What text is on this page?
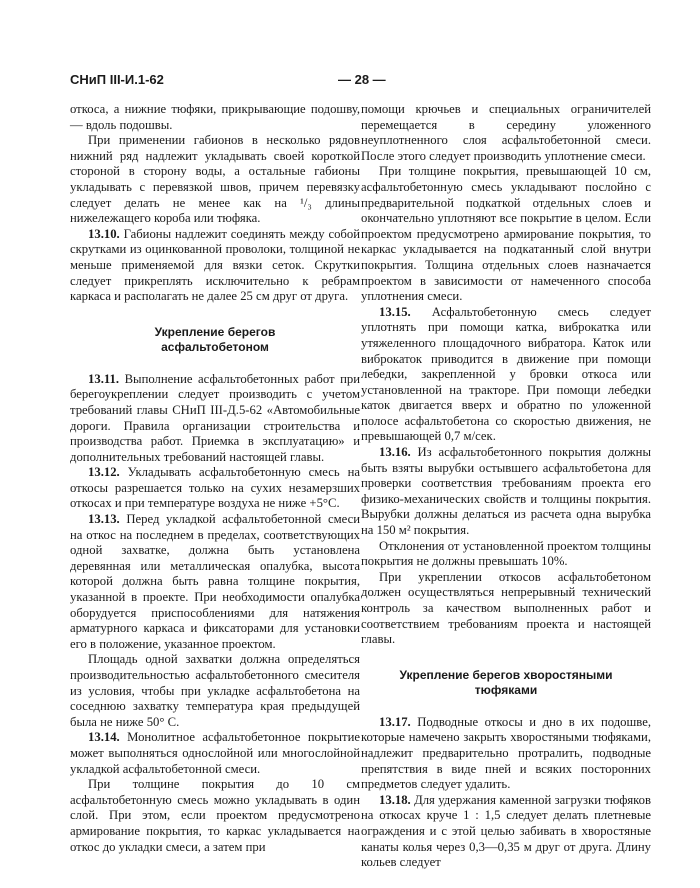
СНиП III-И.1-62	— 28 —

откоса, а нижние тюфяки, прикрывающие подошву, — вдоль подошвы.

При применении габионов в несколько рядов нижний ряд надлежит укладывать своей короткой стороной в сторону воды, а остальные габионы укладывать с перевязкой швов, причем перевязку следует делать не менее как на ¹/₃ длины нижележащего короба или тюфяка.

13.10. Габионы надлежит соединять между собой скрутками из оцинкованной проволоки, толщиной не меньше применяемой для вязки сеток. Скрутки следует прикреплять исключительно к ребрам каркаса и располагать не далее 25 см друг от друга.

Укрепление берегов
асфальтобетоном

13.11. Выполнение асфальтобетонных работ при берегоукреплении следует производить с учетом требований главы СНиП III-Д.5-62 «Автомобильные дороги. Правила организации строительства и производства работ. Приемка в эксплуатацию» и дополнительных требований настоящей главы.

13.12. Укладывать асфальтобетонную смесь на откосы разрешается только на сухих незамерзших откосах и при температуре воздуха не ниже +5°С.

13.13. Перед укладкой асфальтобетонной смеси на откос на последнем в пределах, соответствующих одной захватке, должна быть установлена деревянная или металлическая опалубка, высота которой должна быть равна толщине покрытия, указанной в проекте. При необходимости опалубка оборудуется приспособлениями для натяжения арматурного каркаса и фиксаторами для установки его в положение, указанное проектом.

Площадь одной захватки должна определяться производительностью асфальтобетонного смесителя из условия, чтобы при укладке асфальтобетона на соседнюю захватку температура края предыдущей была не ниже 50° С.

13.14. Монолитное асфальтобетонное покрытие может выполняться однослойной или многослойной укладкой асфальтобетонной смеси.

При толщине покрытия до 10 см асфальтобетонную смесь можно укладывать в один слой. При этом, если проектом предусмотрено армирование покрытия, то каркас укладывается на откос до укладки смеси, а затем при

помощи крючьев и специальных ограничителей перемещается в середину уложенного неуплотненного слоя асфальтобетонной смеси. После этого следует производить уплотнение смеси.

При толщине покрытия, превышающей 10 см, асфальтобетонную смесь укладывают послойно с предварительной подкаткой отдельных слоев и окончательно уплотняют все покрытие в целом. Если проектом предусмотрено армирование покрытия, то каркас укладывается на подкатанный слой внутри покрытия. Толщина отдельных слоев назначается проектом в зависимости от намеченного способа уплотнения смеси.

13.15. Асфальтобетонную смесь следует уплотнять при помощи катка, виброкатка или утяжеленного площадочного вибратора. Каток или виброкаток приводится в движение при помощи лебедки, закрепленной у бровки откоса или установленной на тракторе. При помощи лебедки каток двигается вверх и обратно по уложенной полосе асфальтобетона со скоростью движения, не превышающей 0,7 м/сек.

13.16. Из асфальтобетонного покрытия должны быть взяты вырубки остывшего асфальтобетона для проверки соответствия требованиям проекта его физико-механических свойств и толщины покрытия. Вырубки должны делаться из расчета одна вырубка на 150 м² покрытия.

Отклонения от установленной проектом толщины покрытия не должны превышать 10%.

При укреплении откосов асфальтобетоном должен осуществляться непрерывный технический контроль за качеством выполненных работ и соответствием требованиям проекта и настоящей главы.

Укрепление берегов хворостяными
тюфяками

13.17. Подводные откосы и дно в их подошве, которые намечено закрыть хворостяными тюфяками, надлежит предварительно протралить, подводные препятствия в виде пней и всяких посторонних предметов следует удалить.

13.18. Для удержания каменной загрузки тюфяков на откосах круче 1 : 1,5 следует делать плетневые ограждения и с этой целью забивать в хворостяные канаты колья через 0,3—0,35 м друг от друга. Длину кольев следует
